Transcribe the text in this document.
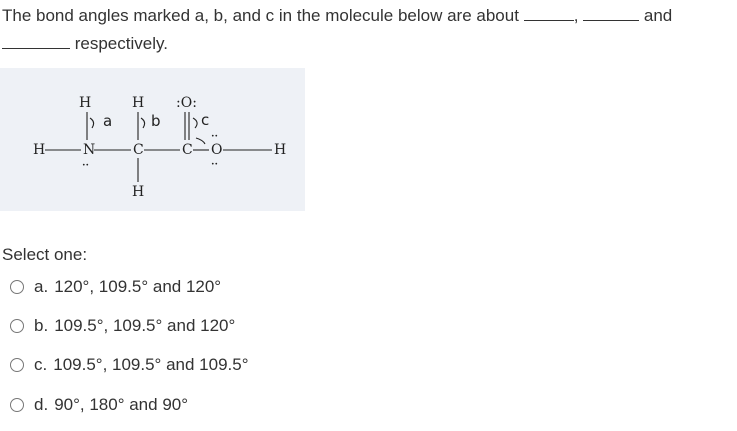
The bond angles marked a, b, and c in the molecule below are about	,	and
respectively.
H	H :O:
H	N	C	C O	H
H
••
••
••
a	b	c
Select one:
a. 120°, 109.5° and 120°
b. 109.5°, 109.5° and 120°
c. 109.5°, 109.5° and 109.5°
d. 90°, 180° and 90°
